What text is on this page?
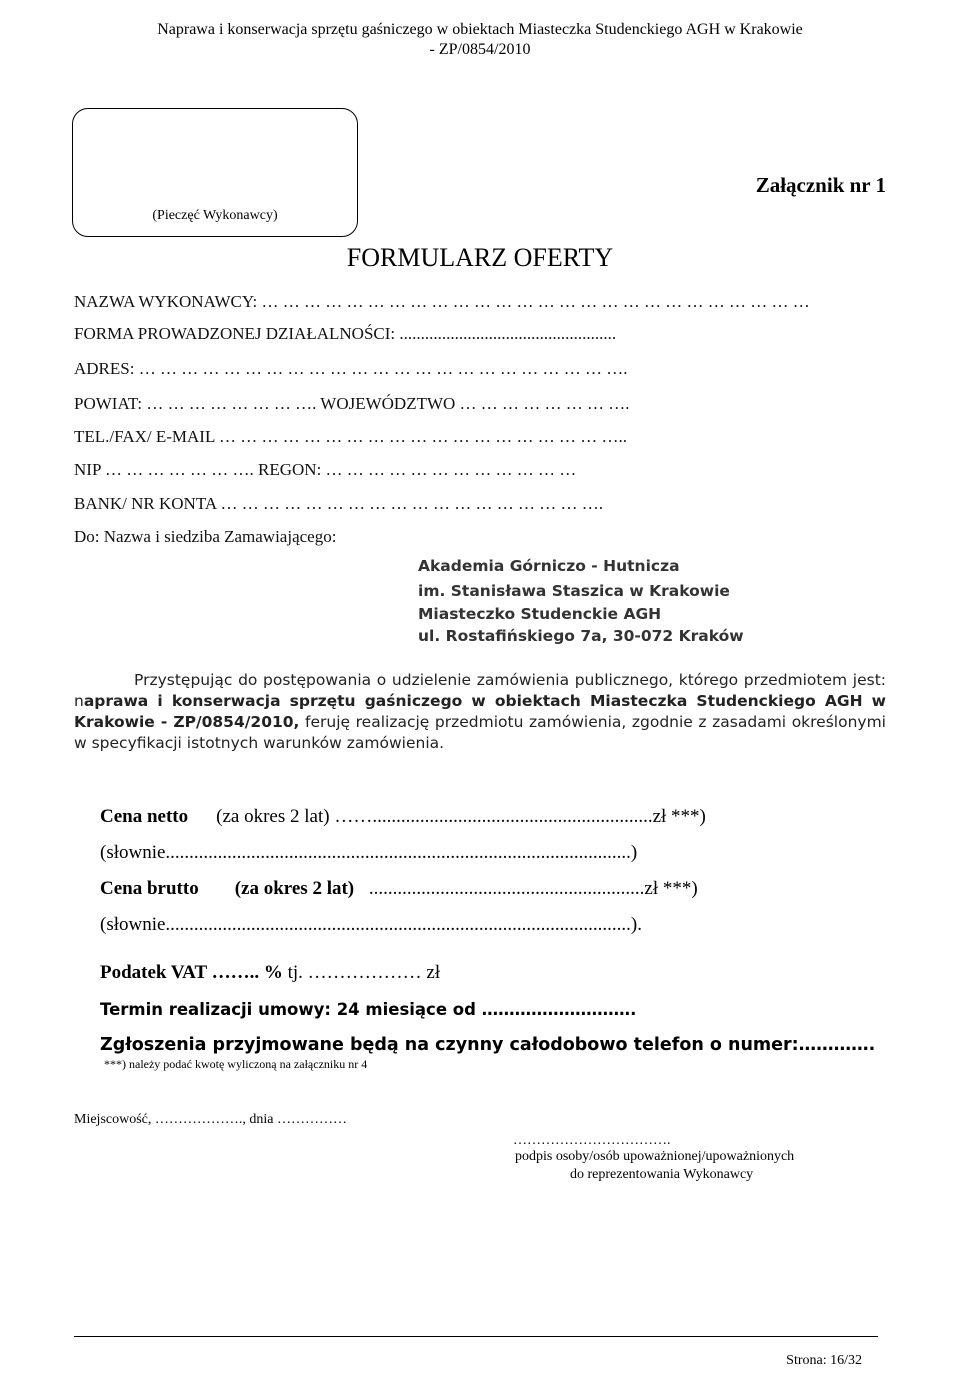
Naprawa i konserwacja sprzętu gaśniczego w obiektach Miasteczka Studenckiego AGH w Krakowie
- ZP/0854/2010
(Pieczęć Wykonawcy)
Załącznik nr 1
FORMULARZ OFERTY
NAZWA WYKONAWCY: … … … … … … … … … … … … … … … … … … … … … … … … … …
FORMA PROWADZONEJ DZIAŁALNOŚCI: ...................................................
ADRES: … … … … … … … … … … … … … … … … … … … … … … ….
POWIAT: … … … … … … … …. WOJEWÓDZTWO … … … … … … … ….
TEL./FAX/ E-MAIL … … … … … … … … … … … … … … … … … … …..
NIP … … … … … … …. REGON: … … … … … … … … … … … …
BANK/ NR KONTA … … … … … … … … … … … … … … … … … ….
Do: Nazwa i siedziba Zamawiającego:
Akademia Górniczo - Hutnicza
im. Stanisława Staszica w Krakowie
Miasteczko Studenckie AGH
ul. Rostafińskiego 7a, 30-072 Kraków
Przystępując do postępowania o udzielenie zamówienia publicznego, którego przedmiotem jest: naprawa i konserwacja sprzętu gaśniczego w obiektach Miasteczka Studenckiego AGH w Krakowie - ZP/0854/2010, feruję realizację przedmiotu zamówienia, zgodnie z zasadami określonymi w specyfikacji istotnych warunków zamówienia.
Cena netto (za okres 2 lat) ……...........................................................zł ***)
(słownie..................................................................................................)
Cena brutto (za okres 2 lat) ..........................................................zł ***)
(słownie..................................................................................................).
Podatek VAT …….. % tj. ……………… zł
Termin realizacji umowy: 24 miesiące od ……………………….
Zgłoszenia przyjmowane będą na czynny całodobowo telefon o numer:………….
***) należy podać kwotę wyliczoną na załączniku nr 4
Miejscowość, ………………., dnia ……………
…………………………….
podpis osoby/osób upoważnionej/upoważnionych
do reprezentowania Wykonawcy
Strona: 16/32
